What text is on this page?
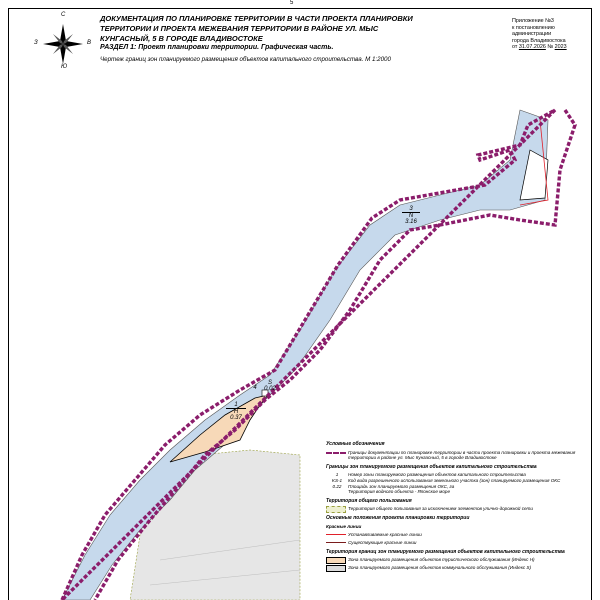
5
С
Ю
З	В
ДОКУМЕНТАЦИЯ ПО ПЛАНИРОВКЕ ТЕРРИТОРИИ В ЧАСТИ ПРОЕКТА ПЛАНИРОВКИ ТЕРРИТОРИИ И ПРОЕКТА МЕЖЕВАНИЯ ТЕРРИТОРИИ В РАЙОНЕ УЛ. МЫС КУНГАСНЫЙ, 5 В ГОРОДЕ ВЛАДИВОСТОКЕ
РАЗДЕЛ 1: Проект планировки территории. Графическая часть.
Чертеж границ зон планируемого размещения объектов капитального строительства. М 1:2000
Приложение №3
к постановлению
администрации
города Владивостока
от 31.07.2026 № 2023
3
N
3.16
1
H
0.37
4
S
0.02
Условные обозначения
Границы документации по планировке территории в части проекта планировки и проекта межевания территории в районе ул. Мыс Кунгасный, 5 в городе Владивостоке
Границы зон планируемого размещения объектов капитального строительства
1
KS-1
0.22
Номер зоны планируемого размещения объектов капитального строительства
Код вида разрешенного использования земельного участка (зон) планируемого размещения ОКС
Площадь зон планируемого размещения ОКС, га
Территория водного объекта - Японское море
Территория общего пользования
Территория общего пользования за исключением элементов улично-дорожной сети
Основные положения проекта планировки территории
Красные линии
Устанавливаемые красные линии
Существующие красные линии
Территория границ зон планируемого размещения объектов капитального строительства
Зона планируемого размещения объектов туристического обслуживания (Индекс Н)
Зона планируемого размещения объектов коммунального обслуживания (Индекс S)
